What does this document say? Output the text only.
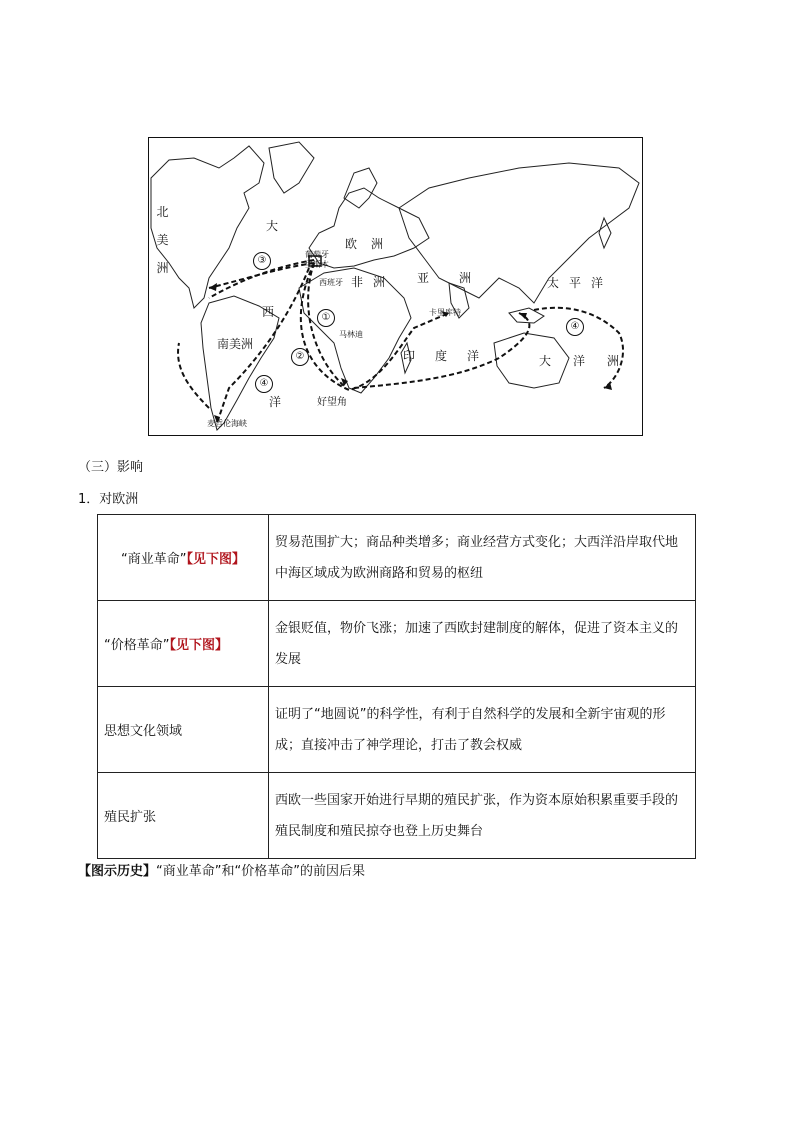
北美洲
大
西
洋
欧洲
葡萄牙
里斯本
西班牙	亚洲
非洲	太平洋
南美洲
马林迪
卡里库特
印度洋	大 洋洲
好望角
麦哲伦海峡
①
②
③
④
④
（三）影响
1．对欧洲
“商业革命”【见下图】	贸易范围扩大；商品种类增多；商业经营方式变化；大西洋沿岸取代地中海区域成为欧洲商路和贸易的枢纽
“价格革命”【见下图】	金银贬值，物价飞涨；加速了西欧封建制度的解体，促进了资本主义的发展
思想文化领域	证明了“地圆说”的科学性，有利于自然科学的发展和全新宇宙观的形成；直接冲击了神学理论，打击了教会权威
殖民扩张	西欧一些国家开始进行早期的殖民扩张，作为资本原始积累重要手段的殖民制度和殖民掠夺也登上历史舞台
【图示历史】“商业革命”和“价格革命”的前因后果
